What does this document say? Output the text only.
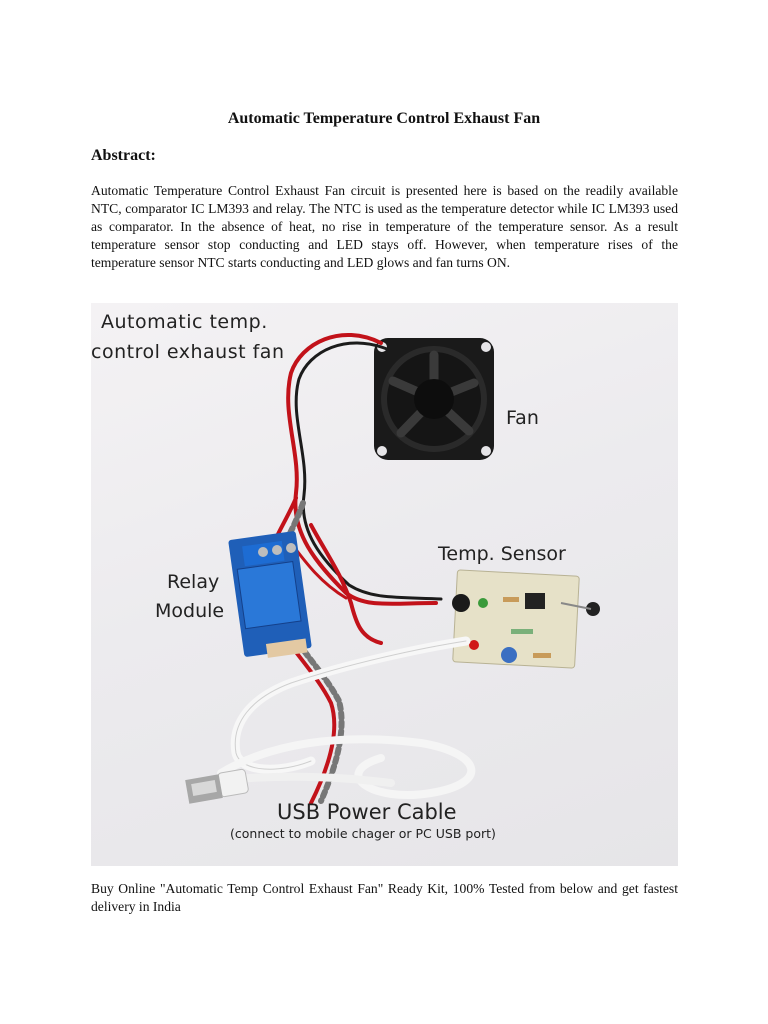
Automatic Temperature Control Exhaust Fan
Abstract:
Automatic Temperature Control Exhaust Fan circuit is presented here is based on the readily available NTC, comparator IC LM393 and relay. The NTC is used as the temperature detector while IC LM393 used as comparator. In the absence of heat, no rise in temperature of the temperature sensor. As a result temperature sensor stop conducting and LED stays off. However, when temperature rises of the temperature sensor NTC starts conducting and LED glows and fan turns ON.
Automatic temp.
control exhaust fan
Fan
Relay
Module
Temp. Sensor
USB Power Cable
(connect to mobile chager or PC USB port)
Buy Online "Automatic Temp Control Exhaust Fan" Ready Kit, 100% Tested from below and get fastest delivery in India
